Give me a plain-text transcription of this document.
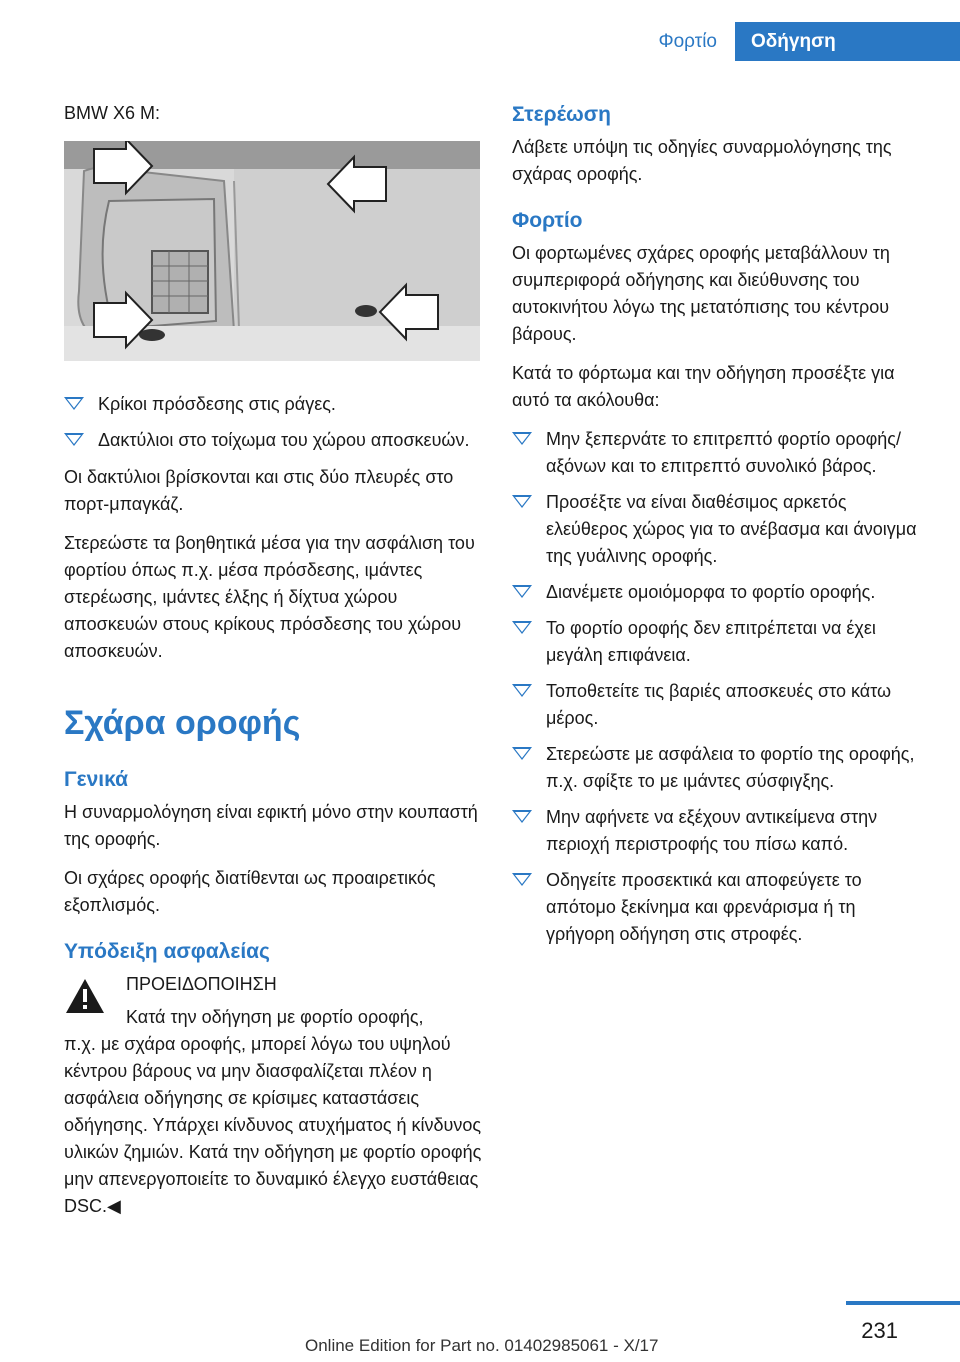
Φορτίο	Οδήγηση

BMW X6 M:

Κρίκοι πρόσδεσης στις ράγες.
Δακτύλιοι στο τοίχωμα του χώρου αποσκευών.

Οι δακτύλιοι βρίσκονται και στις δύο πλευρές στο πορτ-μπαγκάζ.

Στερεώστε τα βοηθητικά μέσα για την ασφάλιση του φορτίου όπως π.χ. μέσα πρόσδεσης, ιμάντες στερέωσης, ιμάντες έλξης ή δίχτυα χώρου αποσκευών στους κρίκους πρόσδεσης του χώρου αποσκευών.

Σχάρα οροφής
Γενικά

Η συναρμολόγηση είναι εφικτή μόνο στην κουπαστή της οροφής.

Οι σχάρες οροφής διατίθενται ως προαιρετικός εξοπλισμός.

Υπόδειξη ασφαλείας

ΠΡΟΕΙΔΟΠΟΙΗΣΗ

Κατά την οδήγηση με φορτίο οροφής,

π.χ. με σχάρα οροφής, μπορεί λόγω του υψηλού κέντρου βάρους να μην διασφαλίζεται πλέον η ασφάλεια οδήγησης σε κρίσιμες καταστάσεις οδήγησης. Υπάρχει κίνδυνος ατυχήματος ή κίνδυνος υλικών ζημιών. Κατά την οδήγηση με φορτίο οροφής μην απενεργοποιείτε το δυναμικό έλεγχο ευστάθειας DSC.◀

Στερέωση

Λάβετε υπόψη τις οδηγίες συναρμολόγησης της σχάρας οροφής.

Φορτίο

Οι φορτωμένες σχάρες οροφής μεταβάλλουν τη συμπεριφορά οδήγησης και διεύθυνσης του αυτοκινήτου λόγω της μετατόπισης του κέντρου βάρους.

Κατά το φόρτωμα και την οδήγηση προσέξτε για αυτό τα ακόλουθα:

Μην ξεπερνάτε το επιτρεπτό φορτίο οροφής/αξόνων και το επιτρεπτό συνολικό βάρος.
Προσέξτε να είναι διαθέσιμος αρκετός ελεύθερος χώρος για το ανέβασμα και άνοιγμα της γυάλινης οροφής.
Διανέμετε ομοιόμορφα το φορτίο οροφής.
Το φορτίο οροφής δεν επιτρέπεται να έχει μεγάλη επιφάνεια.
Τοποθετείτε τις βαριές αποσκευές στο κάτω μέρος.
Στερεώστε με ασφάλεια το φορτίο της οροφής, π.χ. σφίξτε το με ιμάντες σύσφιγξης.
Μην αφήνετε να εξέχουν αντικείμενα στην περιοχή περιστροφής του πίσω καπό.
Οδηγείτε προσεκτικά και αποφεύγετε το απότομο ξεκίνημα και φρενάρισμα ή τη γρήγορη οδήγηση στις στροφές.
231
Online Edition for Part no. 01402985061 - X/17
